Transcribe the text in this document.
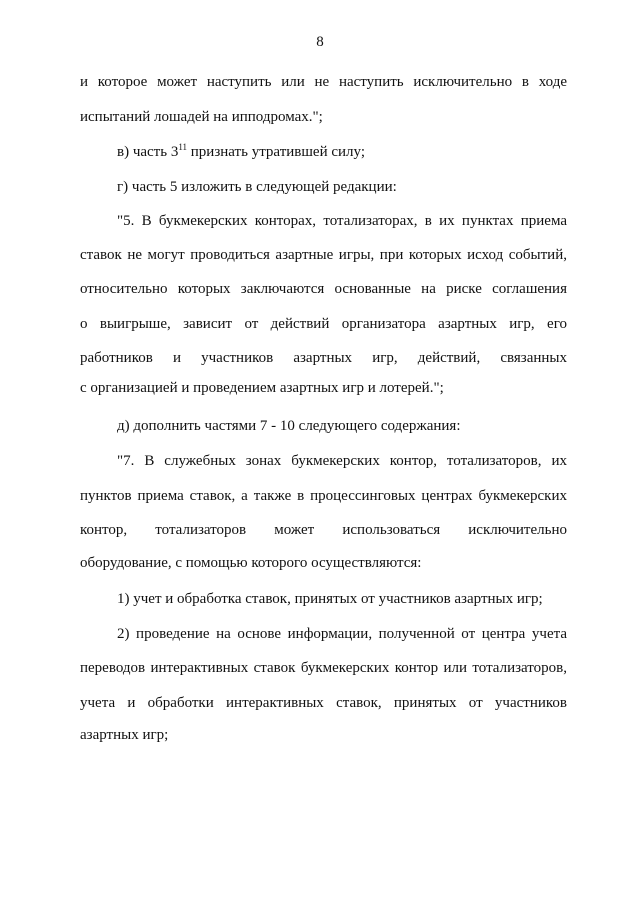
8
и которое может наступить или не наступить исключительно в ходе
испытаний лошадей на ипподромах.";
в) часть $3^{11}$ признать утратившей силу;
г) часть 5 изложить в следующей редакции:
"5. В букмекерских конторах, тотализаторах, в их пунктах приема
ставок не могут проводиться азартные игры, при которых исход событий,
относительно которых заключаются основанные на риске соглашения
о выигрыше, зависит от действий организатора азартных игр, его
работников и участников азартных игр, действий, связанных
с организацией и проведением азартных игр и лотерей.";
д) дополнить частями 7 - 10 следующего содержания:
"7. В служебных зонах букмекерских контор, тотализаторов, их
пунктов приема ставок, а также в процессинговых центрах букмекерских
контор, тотализаторов может использоваться исключительно
оборудование, с помощью которого осуществляются:
1) учет и обработка ставок, принятых от участников азартных игр;
2) проведение на основе информации, полученной от центра учета
переводов интерактивных ставок букмекерских контор или тотализаторов,
учета и обработки интерактивных ставок, принятых от участников
азартных игр;
